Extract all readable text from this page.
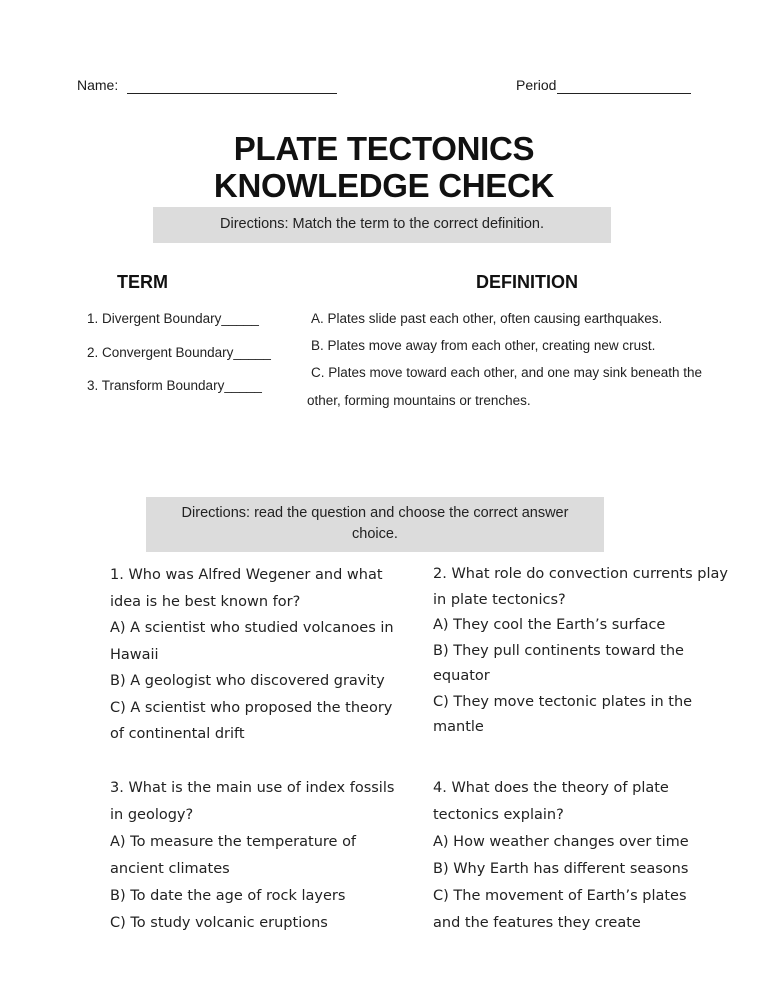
Name:	Period
PLATE TECTONICS
KNOWLEDGE CHECK
Directions: Match the term to the correct definition.
TERM	DEFINITION
1. Divergent Boundary_____
2. Convergent Boundary_____
3. Transform Boundary_____
A. Plates slide past each other, often causing earthquakes.
B. Plates move away from each other, creating new crust.
C. Plates move toward each other, and one may sink beneath the
other, forming mountains or trenches.
Directions: read the question and choose the correct answer
choice.
1. Who was Alfred Wegener and what
idea is he best known for?
A) A scientist who studied volcanoes in
Hawaii
B) A geologist who discovered gravity
C) A scientist who proposed the theory
of continental drift
2. What role do convection currents play
in plate tectonics?
A) They cool the Earth’s surface
B) They pull continents toward the
equator
C) They move tectonic plates in the
mantle
3. What is the main use of index fossils
in geology?
A) To measure the temperature of
ancient climates
B) To date the age of rock layers
C) To study volcanic eruptions
4. What does the theory of plate
tectonics explain?
A) How weather changes over time
B) Why Earth has different seasons
C) The movement of Earth’s plates
and the features they create
